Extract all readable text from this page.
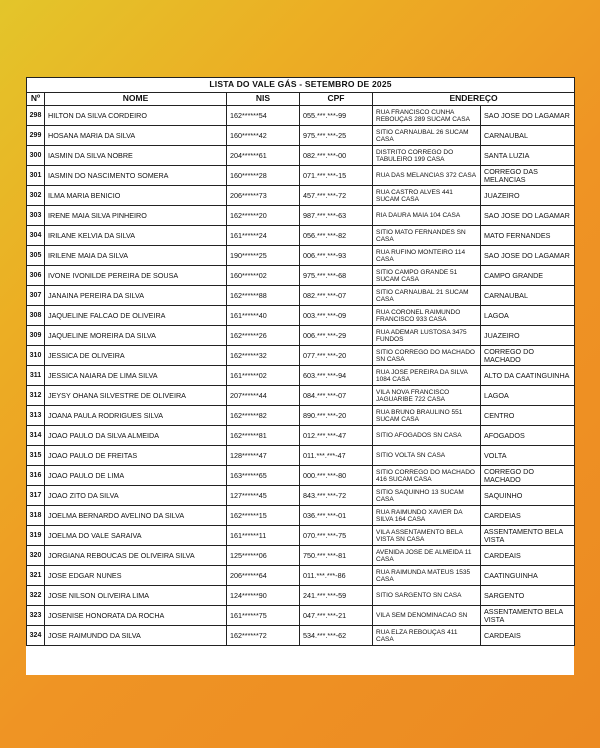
LISTA DO VALE GÁS - SETEMBRO DE 2025					
Nº	NOME	NIS	CPF	ENDEREÇO	
298	HILTON DA SILVA CORDEIRO	162******54	055.***.***-99	RUA FRANCISCO CUNHA REBOUÇAS 289 SUCAM CASA	SAO JOSE DO LAGAMAR
299	HOSANA MARIA DA SILVA	160******42	975.***.***-25	SITIO CARNAUBAL 26 SUCAM CASA	CARNAUBAL
300	IASMIN DA SILVA NOBRE	204******61	082.***.***-00	DISTRITO CORREGO DO TABULEIRO 199 CASA	SANTA LUZIA
301	IASMIN DO NASCIMENTO SOMERA	160******28	071.***.***-15	RUA DAS MELANCIAS 372 CASA	CORREGO DAS MELANCIAS
302	ILMA MARIA BENICIO	206******73	457.***.***-72	RUA CASTRO ALVES 441 SUCAM CASA	JUAZEIRO
303	IRENE MAIA SILVA PINHEIRO	162******20	987.***.***-63	RIA DAURA MAIA 104 CASA	SAO JOSE DO LAGAMAR
304	IRILANE KELVIA DA SILVA	161******24	056.***.***-82	SITIO MATO FERNANDES SN CASA	MATO FERNANDES
305	IRILENE MAIA DA SILVA	190******25	006.***.***-93	RUA RUFINO MONTEIRO 114 CASA	SAO JOSE DO LAGAMAR
306	IVONE IVONILDE PEREIRA DE SOUSA	160******02	975.***.***-68	SITIO CAMPO GRANDE 51 SUCAM CASA	CAMPO GRANDE
307	JANAINA PEREIRA DA SILVA	162******88	082.***.***-07	SITIO CARNAUBAL 21 SUCAM CASA	CARNAUBAL
308	JAQUELINE FALCAO DE OLIVEIRA	161******40	003.***.***-09	RUA CORONEL RAIMUNDO FRANCISCO 933 CASA	LAGOA
309	JAQUELINE MOREIRA DA SILVA	162******26	006.***.***-29	RUA ADEMAR LUSTOSA 3475 FUNDOS	JUAZEIRO
310	JESSICA DE OLIVEIRA	162******32	077.***.***-20	SITIO CORREGO DO MACHADO SN CASA	CORREGO DO MACHADO
311	JESSICA NAIARA DE LIMA SILVA	161******02	603.***.***-94	RUA JOSE PEREIRA DA SILVA 1084 CASA	ALTO DA CAATINGUINHA
312	JEYSY OHANA SILVESTRE DE OLIVEIRA	207******44	084.***.***-07	VILA NOVA FRANCISCO JAGUARIBE 722 CASA	LAGOA
313	JOANA PAULA RODRIGUES SILVA	162******82	890.***.***-20	RUA BRUNO BRAULINO 551 SUCAM CASA	CENTRO
314	JOAO PAULO DA SILVA ALMEIDA	162******81	012.***.***-47	SITIO AFOGADOS SN CASA	AFOGADOS
315	JOAO PAULO DE FREITAS	128******47	011.***.***-47	SITIO VOLTA SN CASA	VOLTA
316	JOAO PAULO DE LIMA	163******65	000.***.***-80	SITIO CORREGO DO MACHADO 416 SUCAM CASA	CORREGO DO MACHADO
317	JOAO ZITO DA SILVA	127******45	843.***.***-72	SITIO SAQUINHO 13 SUCAM CASA	SAQUINHO
318	JOELMA BERNARDO AVELINO DA SILVA	162******15	036.***.***-01	RUA RAIMUNDO XAVIER DA SILVA 164 CASA	CARDEIAS
319	JOELMA DO VALE SARAIVA	161******11	070.***.***-75	VILA ASSENTAMENTO BELA VISTA SN CASA	ASSENTAMENTO BELA VISTA
320	JORGIANA REBOUCAS DE OLIVEIRA SILVA	125******06	750.***.***-81	AVENIDA JOSE DE ALMEIDA 11 CASA	CARDEAIS
321	JOSE EDGAR NUNES	206******64	011.***.***-86	RUA RAIMUNDA MATEUS 1535 CASA	CAATINGUINHA
322	JOSE NILSON OLIVEIRA LIMA	124******90	241.***.***-59	SITIO SARGENTO SN CASA	SARGENTO
323	JOSENISE HONORATA DA ROCHA	161******75	047.***.***-21	VILA SEM DENOMINACAO SN	ASSENTAMENTO BELA VISTA
324	JOSE RAIMUNDO DA SILVA	162******72	534.***.***-62	RUA ELZA REBOUÇAS 411 CASA	CARDEAIS
